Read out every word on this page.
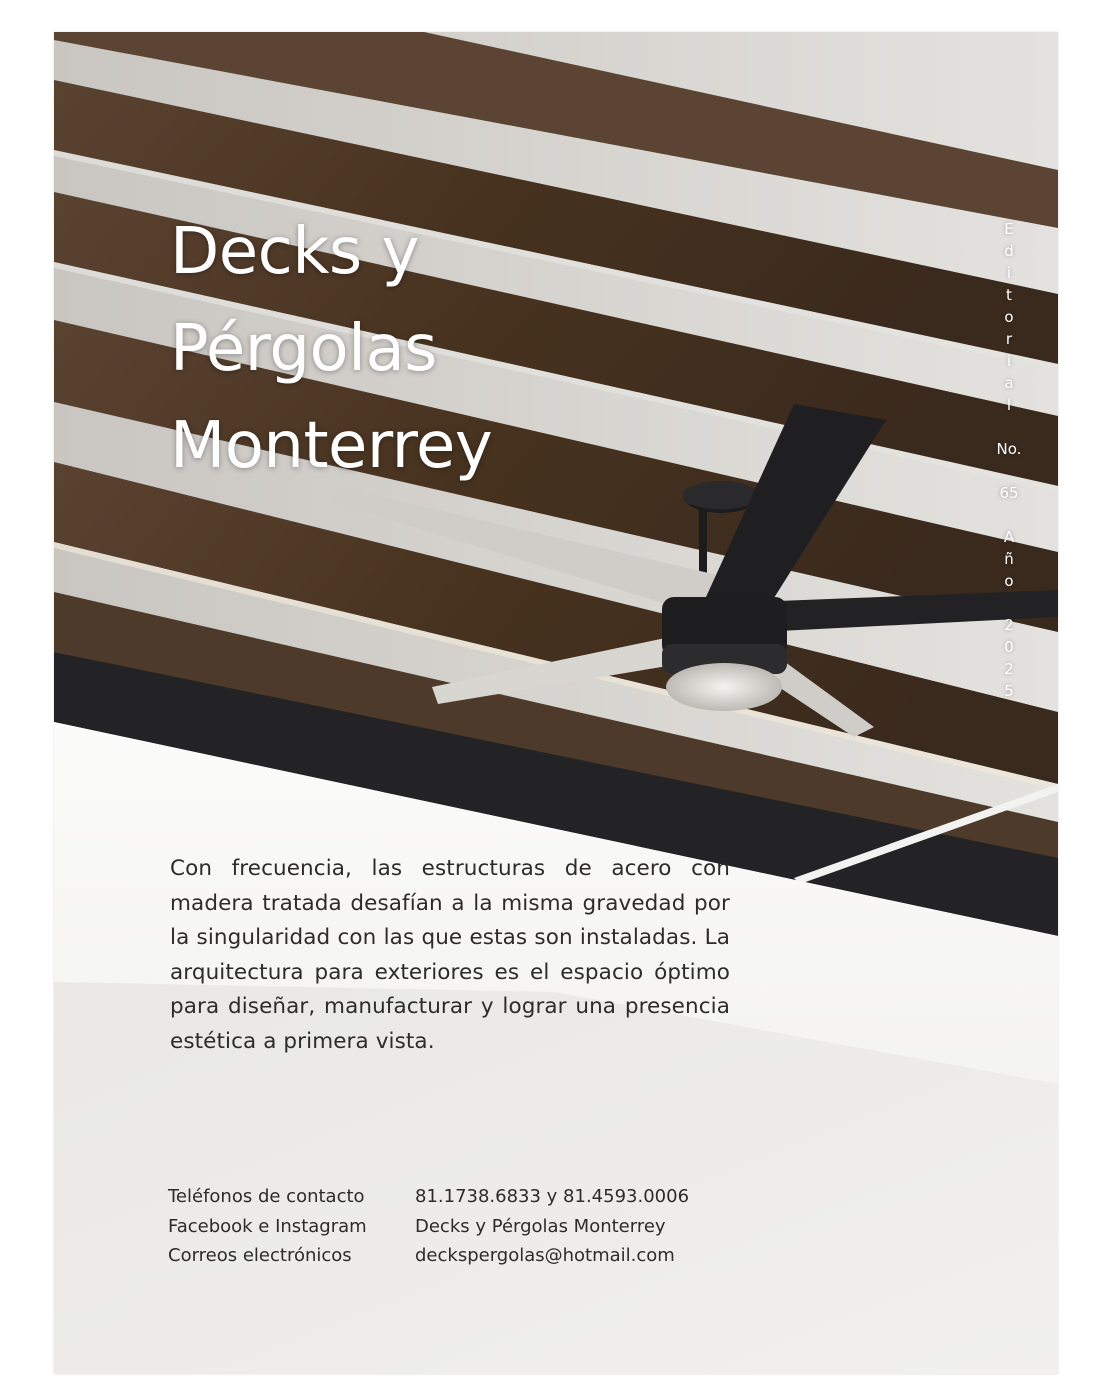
Decks y
Pérgolas
Monterrey
E
d
i
t
o
r
i
a
l
No.
65
A
ñ
o
2
0
2
5

Con frecuencia, las estructuras de acero con madera tratada desafían a la misma gravedad por la singularidad con las que estas son instaladas. La arquitectura para exteriores es el espacio óptimo para diseñar, manufacturar y lograr una presencia estética a primera vista.

Teléfonos de contacto	81.1738.6833 y 81.4593.0006
Facebook e Instagram	Decks y Pérgolas Monterrey
Correos electrónicos	deckspergolas@hotmail.com
